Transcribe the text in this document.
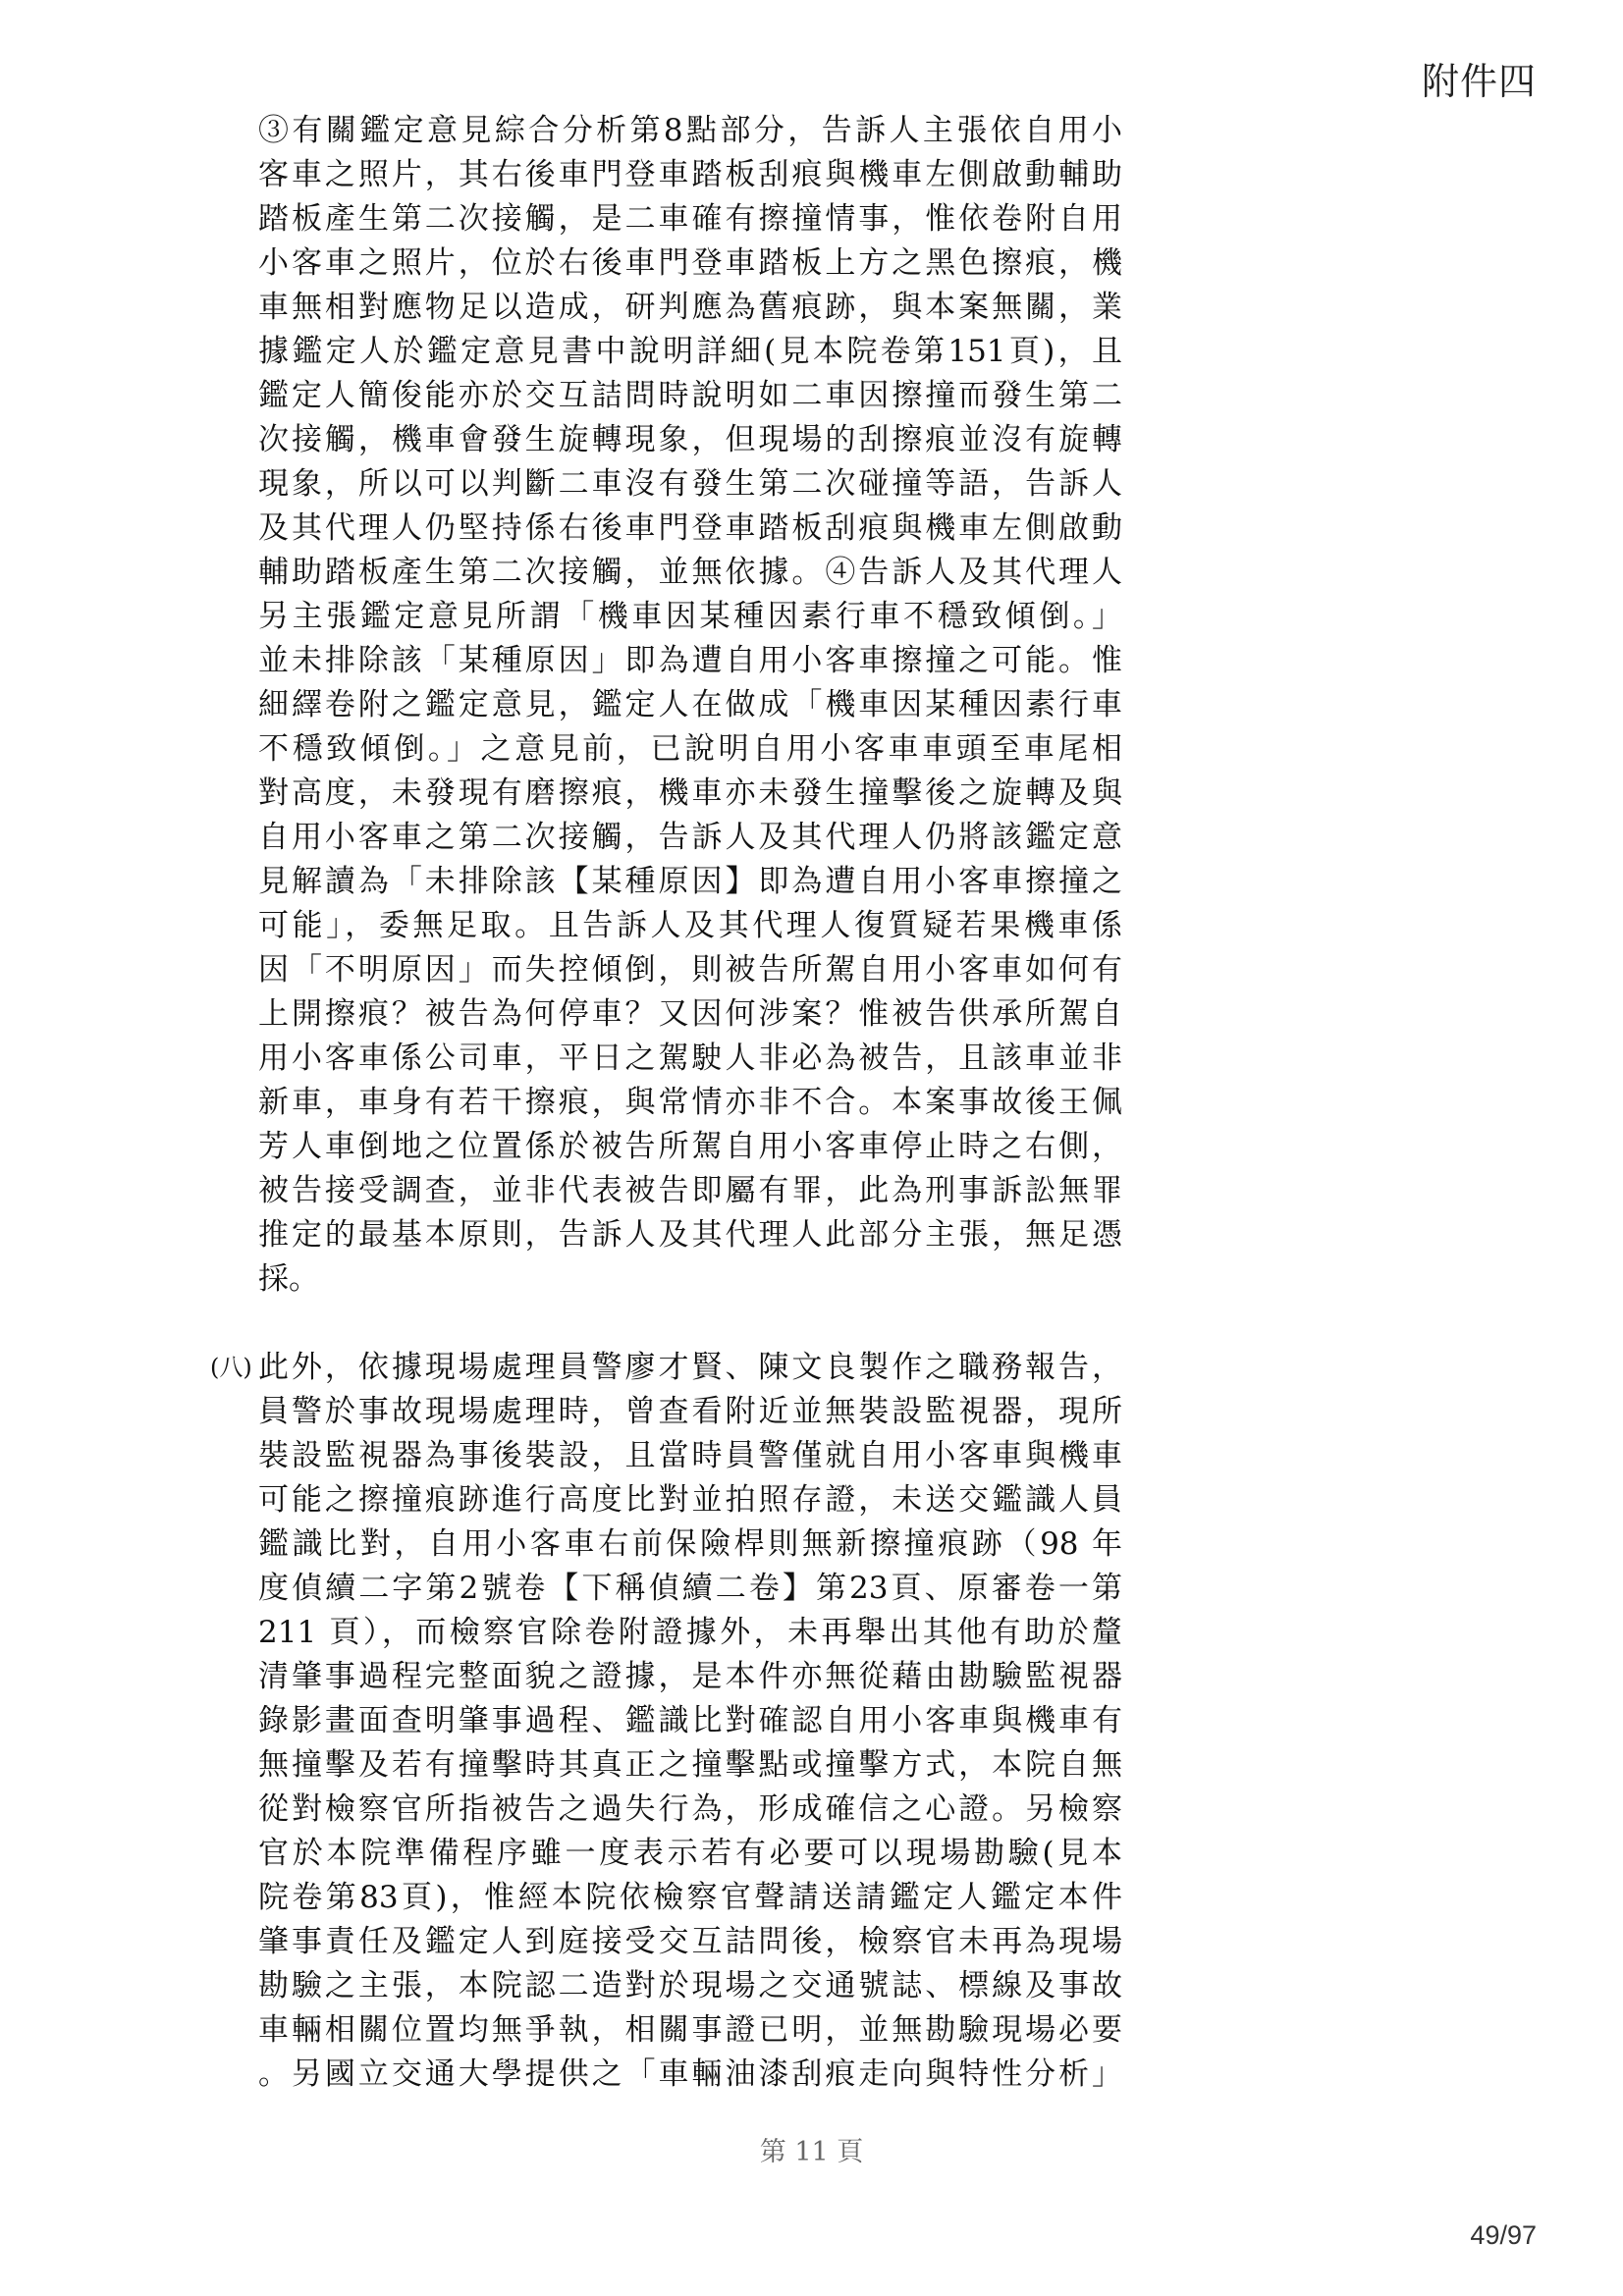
附件四
③有關鑑定意見綜合分析第8點部分，告訴人主張依自用小
客車之照片，其右後車門登車踏板刮痕與機車左側啟動輔助
踏板產生第二次接觸，是二車確有擦撞情事，惟依卷附自用
小客車之照片，位於右後車門登車踏板上方之黑色擦痕，機
車無相對應物足以造成，研判應為舊痕跡，與本案無關，業
據鑑定人於鑑定意見書中說明詳細(見本院卷第151頁)，且
鑑定人簡俊能亦於交互詰問時說明如二車因擦撞而發生第二
次接觸，機車會發生旋轉現象，但現場的刮擦痕並沒有旋轉
現象，所以可以判斷二車沒有發生第二次碰撞等語，告訴人
及其代理人仍堅持係右後車門登車踏板刮痕與機車左側啟動
輔助踏板產生第二次接觸，並無依據。④告訴人及其代理人
另主張鑑定意見所謂「機車因某種因素行車不穩致傾倒。」
並未排除該「某種原因」即為遭自用小客車擦撞之可能。惟
細繹卷附之鑑定意見，鑑定人在做成「機車因某種因素行車
不穩致傾倒。」之意見前，已說明自用小客車車頭至車尾相
對高度，未發現有磨擦痕，機車亦未發生撞擊後之旋轉及與
自用小客車之第二次接觸，告訴人及其代理人仍將該鑑定意
見解讀為「未排除該【某種原因】即為遭自用小客車擦撞之
可能」，委無足取。且告訴人及其代理人復質疑若果機車係
因「不明原因」而失控傾倒，則被告所駕自用小客車如何有
上開擦痕？被告為何停車？又因何涉案？惟被告供承所駕自
用小客車係公司車，平日之駕駛人非必為被告，且該車並非
新車，車身有若干擦痕，與常情亦非不合。本案事故後王佩
芳人車倒地之位置係於被告所駕自用小客車停止時之右側，
被告接受調查，並非代表被告即屬有罪，此為刑事訴訟無罪
推定的最基本原則，告訴人及其代理人此部分主張，無足憑
採。
(八) 此外，依據現場處理員警廖才賢、陳文良製作之職務報告，
員警於事故現場處理時，曾查看附近並無裝設監視器，現所
裝設監視器為事後裝設，且當時員警僅就自用小客車與機車
可能之擦撞痕跡進行高度比對並拍照存證，未送交鑑識人員
鑑識比對，自用小客車右前保險桿則無新擦撞痕跡（98 年
度偵續二字第2號卷【下稱偵續二卷】第23頁、原審卷一第
211 頁），而檢察官除卷附證據外，未再舉出其他有助於釐
清肇事過程完整面貌之證據，是本件亦無從藉由勘驗監視器
錄影畫面查明肇事過程、鑑識比對確認自用小客車與機車有
無撞擊及若有撞擊時其真正之撞擊點或撞擊方式，本院自無
從對檢察官所指被告之過失行為，形成確信之心證。另檢察
官於本院準備程序雖一度表示若有必要可以現場勘驗(見本
院卷第83頁)，惟經本院依檢察官聲請送請鑑定人鑑定本件
肇事責任及鑑定人到庭接受交互詰問後，檢察官未再為現場
勘驗之主張，本院認二造對於現場之交通號誌、標線及事故
車輛相關位置均無爭執，相關事證已明，並無勘驗現場必要
。另國立交通大學提供之「車輛油漆刮痕走向與特性分析」
第 11 頁
49/97
